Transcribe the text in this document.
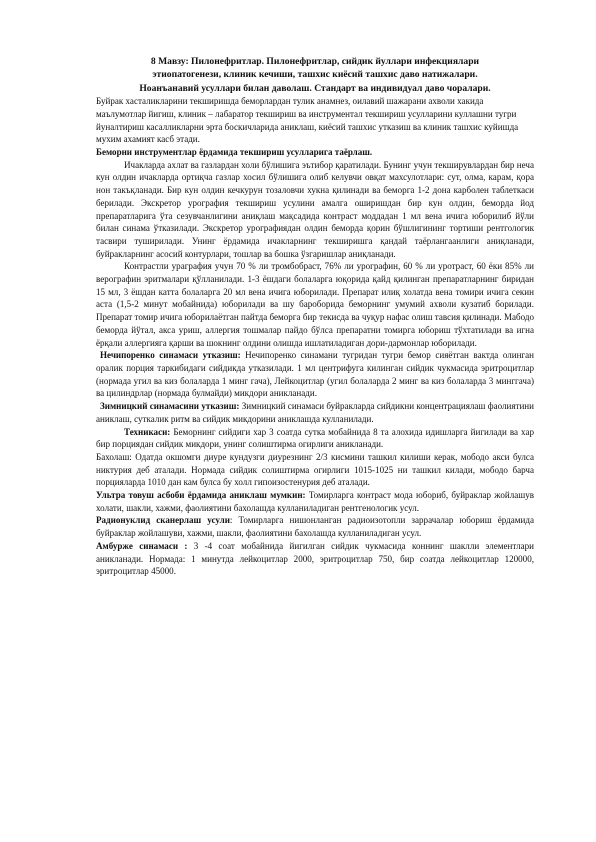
8 Мавзу: Пилонефритлар. Пилонефритлар, сийдик йуллари инфекциялари

этиопатогенези, клиник кечиши, ташхис киёсий ташхис даво натижалари.

Ноанъанавий усуллари билан даволаш. Стандарт ва индивидуал даво чоралари.

Буйрак хасталикларини текширишда беморлардан тулик анамнез, оилавий шажарани ахволи хакида маълумотлар йигиш, клиник – лабаратор текшириш ва инструментал текшириш усулларини куллашни тугри йуналтириш касалликларни эрта боскичларида аниклаш, киёсий ташхис утказиш ва клиник ташхис куйишда мухим ахамият касб этади.

Беморни инструментлар ёрдамида текшириш усулларига таёрлаш.

Ичакларда ахлат ва газлардан холи бўлишига эътибор қаратилади. Бунинг учун текширувлардан бир неча кун олдин ичакларда ортиқча газлар хосил бўлишига олиб келувчи овқат махсулотлари: сут, олма, карам, қора нон такъқланади. Бир кун олдин кечкурун тозаловчи хукна қилинади ва беморга 1-2 дона карболен таблеткаси берилади. Экскретор урография текшириш усулини амалга оширишдан бир кун олдин, беморда йод препаратларига ўта сезувчанлигини аниқлаш мақсадида контраст моддадан 1 мл вена ичига юборилиб йўли билан синама ўтказилади. Экскретор урографиядан олдин беморда қорин бўшлигининг тортиши рентгологик тасвири туширилади. Унинг ёрдамида ичакларнинг текширишга қандай таёрлангаанлиги аниқланади, буйракларнинг асосий контурлари, тошлар ва бошка ўзгаришлар аниқланади.

Контрастли ураграфия учун 70 % ли тромбобраст, 76% ли урографин, 60 % ли уротраст, 60 ёки 85% ли верографин эритмалари қўлланилади. 1-3 ёшдаги болаларга юқорида қайд қилинган препаратларнинг биридан 15 мл, 3 ёшдан катта болаларга 20 мл вена ичига юборилади. Препарат илиқ холатда вена томири ичига секин аста (1,5-2 минут мобайнида) юборилади ва шу бароборида беморнинг умумий ахволи кузатиб борилади. Препарат томир ичига юборилаётган пайтда беморга бир текисда ва чуқур нафас олиш тавсия қилинади. Мабодо беморда йўтал, акса уриш, аллергия тошмалар пайдо бўлса препаратни томирга юбориш тўхтатилади ва игна ёрқали аллергияга қарши ва шокнинг олдини олишда ишлатиладиган дори-дармонлар юборилади.

Нечипоренко синамаси утказиш: Нечипоренко синамани тугридан тугри бемор сияётган вактда олинган оралик порция таркибидаги сийдикда утказилади. 1 мл центрифуга килинган сийдик чукмасида эритроцитлар (нормада угил ва киз болаларда 1 минг гача), Лейкоцитлар (угил болаларда 2 минг ва киз болаларда 3 минггача) ва цилиндрлар (нормада булмайди) микдори аникланади.

Зимницкий синамасини утказиш: Зимницкий синамаси буйракларда сийдикни концентрациялаш фаолиятини аниклаш, суткалик ритм ва сийдик микдорини аниклашда кулланилади.

Техникаси: Беморнинг сийдиги хар 3 соатда сутка мобайнида 8 та алохида идишларга йигилади ва хар бир порциядан сийдик микдори, унинг солиштирма огирлиги аникланади.

Бахолаш: Одатда окшомги диуре кундузги диурезнинг 2/3 кисмини ташкил килиши керак, мободо акси булса никтурия деб аталади. Нормада сийдик солиштирма огирлиги 1015-1025 ни ташкил килади, мободо барча порцияларда 1010 дан кам булса бу холл гипоизостенурия деб аталади.

Ультра товуш асбоби ёрдамида аниклаш мумкин: Томирларга контраст мода юбориб, буйраклар жойлашув холати, шакли, хажми, фаолиятини бахолашда кулланиладиган рентгенологик усул.

Радионуклид сканерлаш усули: Томирларга нишонланган радиоизотопли заррачалар юбориш ёрдамида буйраклар жойлашуви, хажми, шакли, фаолиятини бахолашда кулланиладиган усул.

Амбурже синамаси : 3 -4 соат мобайнида йигилган сийдик чукмасида коннинг шаклли элементлари аникланади. Нормада: 1 минутда лейкоцитлар 2000, эритроцитлар 750, бир соатда лейкоцитлар 120000, эритроцитлар 45000.
